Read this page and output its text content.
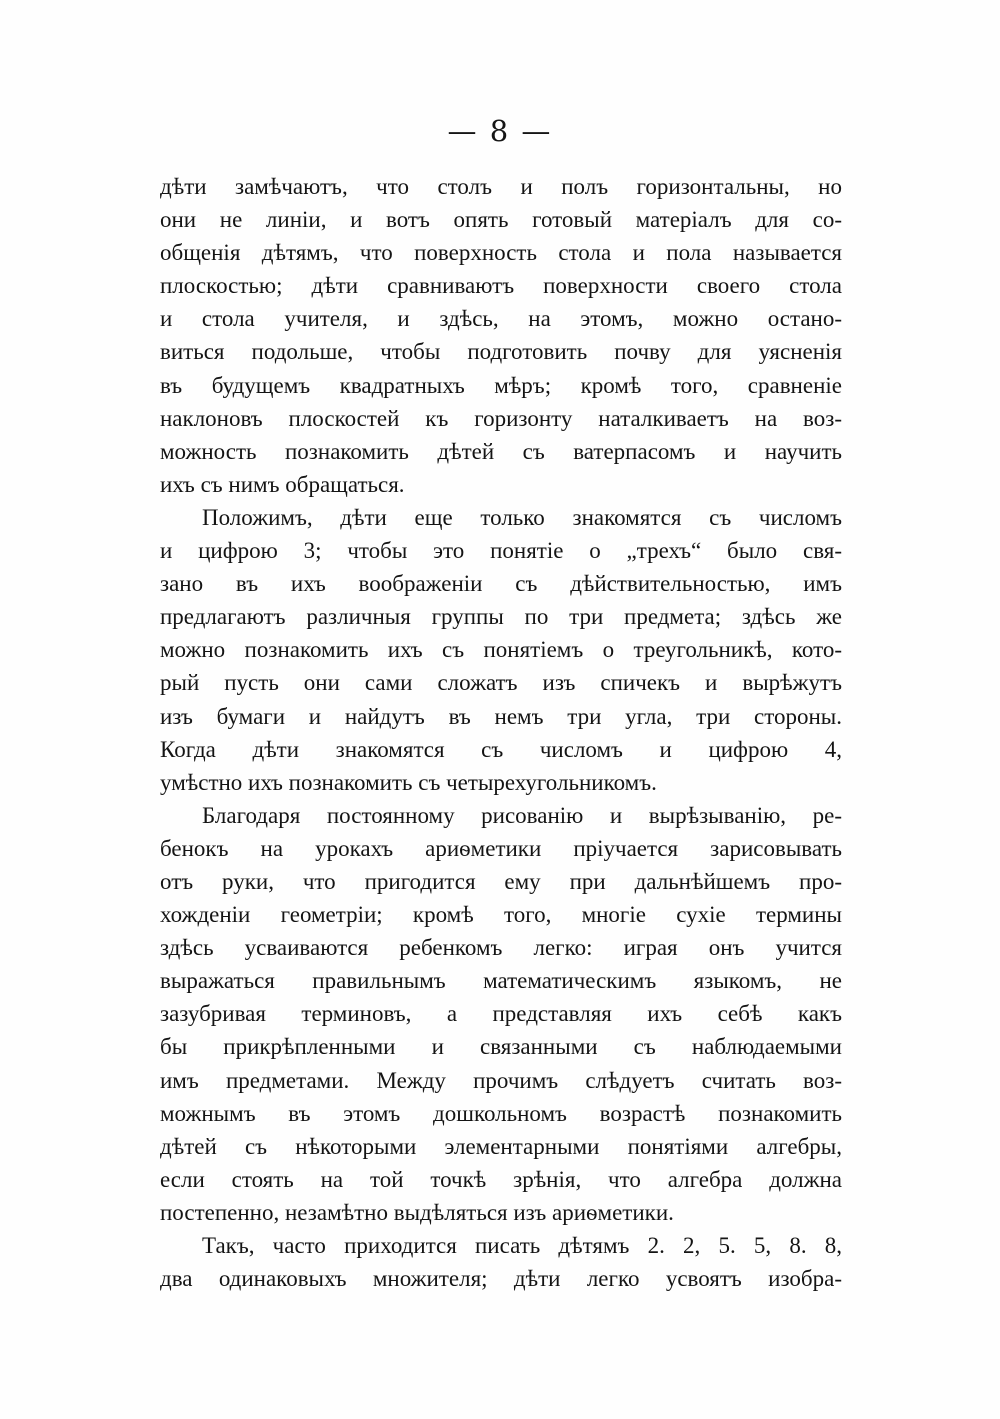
— 8 —
дѣти замѣчаютъ, что столъ и полъ горизонтальны, но
они не линіи, и вотъ опять готовый матеріалъ для со-
общенія дѣтямъ, что поверхность стола и пола называется
плоскостью; дѣти сравниваютъ поверхности своего стола
и стола учителя, и здѣсь, на этомъ, можно остано-
виться подольше, чтобы подготовить почву для уясненія
въ будущемъ квадратныхъ мѣръ; кромѣ того, сравненіе
наклоновъ плоскостей къ горизонту наталкиваетъ на воз-
можность познакомить дѣтей съ ватерпасомъ и научить
ихъ съ нимъ обращаться.
Положимъ, дѣти еще только знакомятся съ числомъ
и цифрою 3; чтобы это понятіе о „трехъ“ было свя-
зано въ ихъ воображеніи съ дѣйствительностью, имъ
предлагаютъ различныя группы по три предмета; здѣсь же
можно познакомить ихъ съ понятіемъ о треугольникѣ, кото-
рый пусть они сами сложатъ изъ спичекъ и вырѣжутъ
изъ бумаги и найдутъ въ немъ три угла, три стороны.
Когда дѣти знакомятся съ числомъ и цифрою 4,
умѣстно ихъ познакомить съ четырехугольникомъ.
Благодаря постоянному рисованію и вырѣзыванію, ре-
бенокъ на урокахъ ариѳметики пріучается зарисовывать
отъ руки, что пригодится ему при дальнѣйшемъ про-
хожденіи геометріи; кромѣ того, многіе сухіе термины
здѣсь усваиваются ребенкомъ легко: играя онъ учится
выражаться правильнымъ математическимъ языкомъ, не
зазубривая терминовъ, а представляя ихъ себѣ какъ
бы прикрѣпленными и связанными съ наблюдаемыми
имъ предметами. Между прочимъ слѣдуетъ считать воз-
можнымъ въ этомъ дошкольномъ возрастѣ познакомить
дѣтей съ нѣкоторыми элементарными понятіями алгебры,
если стоять на той точкѣ зрѣнія, что алгебра должна
постепенно, незамѣтно выдѣляться изъ ариѳметики.
Такъ, часто приходится писать дѣтямъ 2. 2, 5. 5, 8. 8,
два одинаковыхъ множителя; дѣти легко усвоятъ изобра-
